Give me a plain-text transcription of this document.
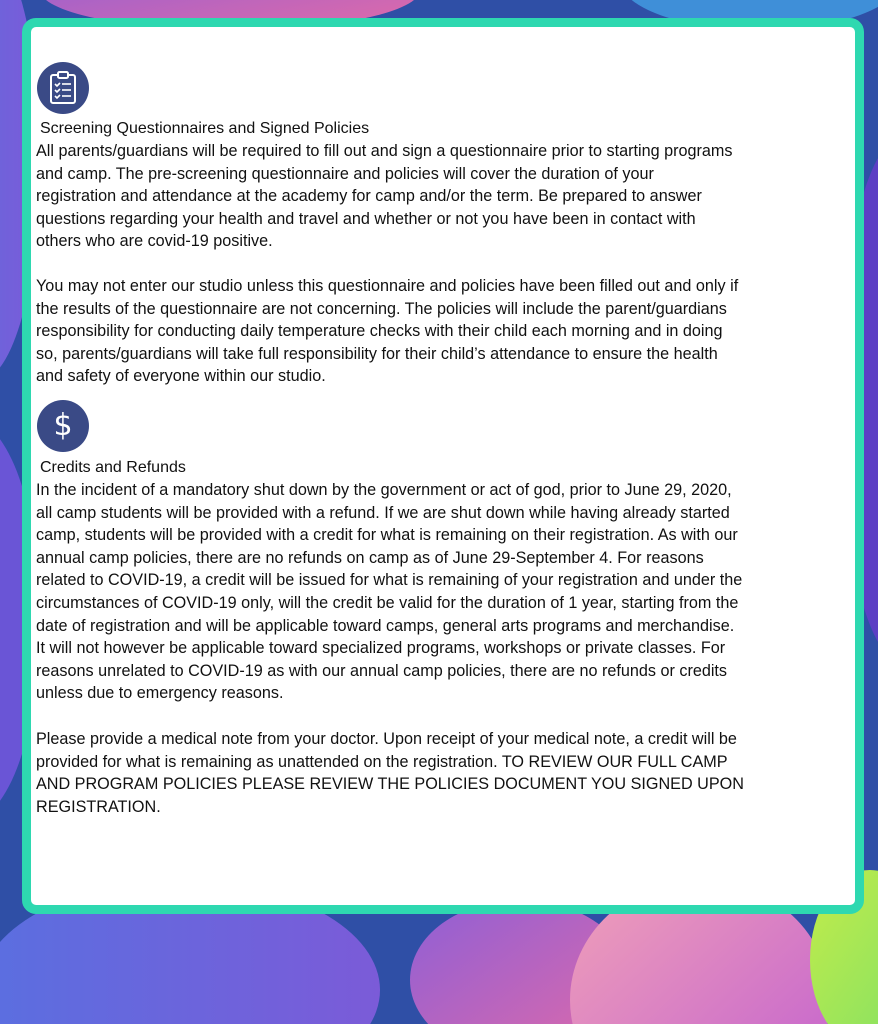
Screening Questionnaires and Signed Policies

All parents/guardians will be required to fill out and sign a questionnaire prior to starting programs
and camp. The pre-screening questionnaire and policies will cover the duration of your
registration and attendance at the academy for camp and/or the term. Be prepared to answer
questions regarding your health and travel and whether or not you have been in contact with
others who are covid-19 positive.

You may not enter our studio unless this questionnaire and policies have been filled out and only if
the results of the questionnaire are not concerning. The policies will include the parent/guardians
responsibility for conducting daily temperature checks with their child each morning and in doing
so, parents/guardians will take full responsibility for their child’s attendance to ensure the health
and safety of everyone within our studio.

$
Credits and Refunds

In the incident of a mandatory shut down by the government or act of god, prior to June 29, 2020,
all camp students will be provided with a refund. If we are shut down while having already started
camp, students will be provided with a credit for what is remaining on their registration. As with our
annual camp policies, there are no refunds on camp as of June 29-September 4. For reasons
related to COVID-19, a credit will be issued for what is remaining of your registration and under the
circumstances of COVID-19 only, will the credit be valid for the duration of 1 year, starting from the
date of registration and will be applicable toward camps, general arts programs and merchandise.
It will not however be applicable toward specialized programs, workshops or private classes. For
reasons unrelated to COVID-19 as with our annual camp policies, there are no refunds or credits
unless due to emergency reasons.

Please provide a medical note from your doctor. Upon receipt of your medical note, a credit will be
provided for what is remaining as unattended on the registration. TO REVIEW OUR FULL CAMP
AND PROGRAM POLICIES PLEASE REVIEW THE POLICIES DOCUMENT YOU SIGNED UPON
REGISTRATION.
